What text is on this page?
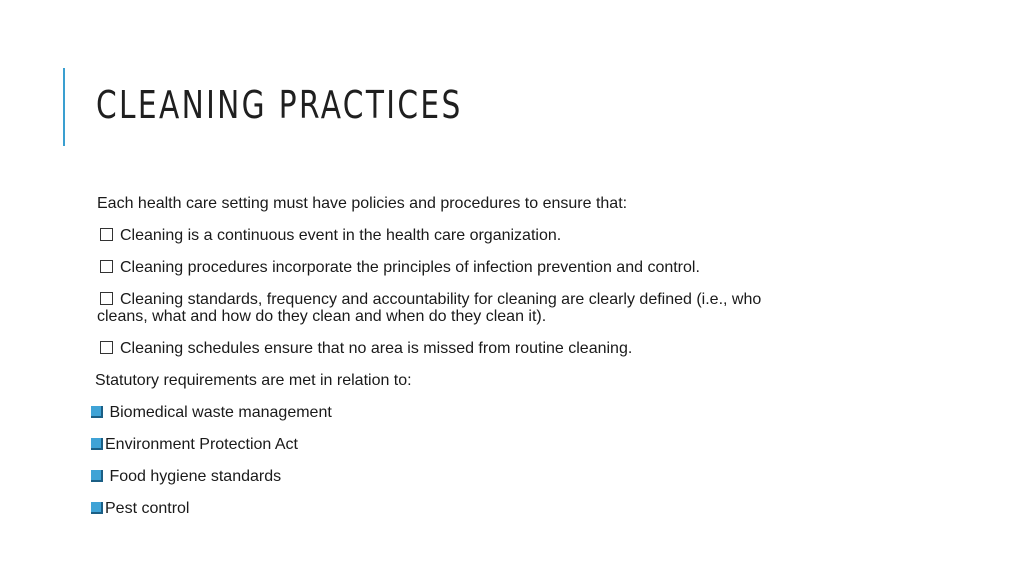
CLEANING PRACTICES
Each health care setting must have policies and procedures to ensure that:
Cleaning is a continuous event in the health care organization.
Cleaning procedures incorporate the principles of infection prevention and control.
Cleaning standards, frequency and accountability for cleaning are clearly defined (i.e., who
cleans, what and how do they clean and when do they clean it).
Cleaning schedules ensure that no area is missed from routine cleaning.
Statutory requirements are met in relation to:
Biomedical waste management
Environment Protection Act
Food hygiene standards
Pest control
